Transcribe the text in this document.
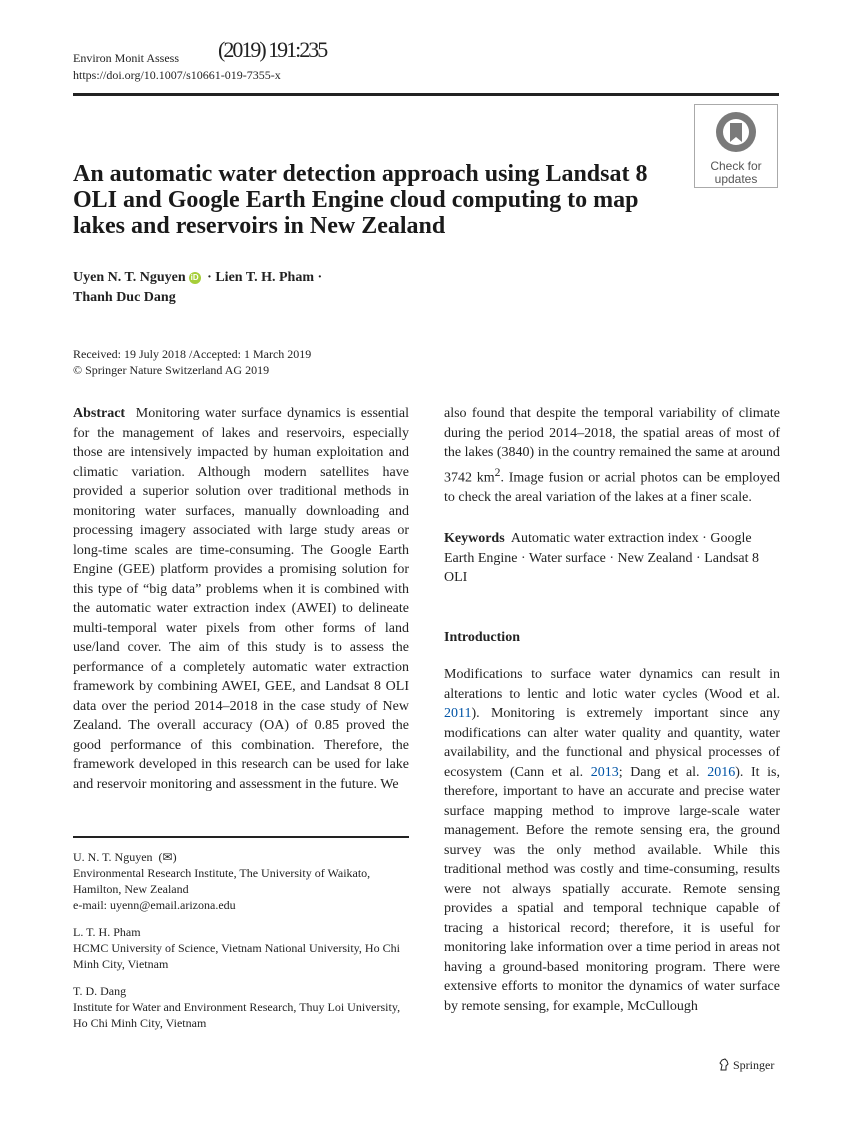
Environ Monit Assess
https://doi.org/10.1007/s10661-019-7355-x
(2019) 191:235
Check for
updates
An automatic water detection approach using Landsat 8 OLI and Google Earth Engine cloud computing to map lakes and reservoirs in New Zealand
Uyen N. T. Nguyen iD · Lien T. H. Pham ·
Thanh Duc Dang
Received: 19 July 2018 /Accepted: 1 March 2019
© Springer Nature Switzerland AG 2019

Abstract Monitoring water surface dynamics is essential for the management of lakes and reservoirs, especially those are intensively impacted by human exploitation and climatic variation. Although modern satellites have provided a superior solution over traditional methods in monitoring water surfaces, manually downloading and processing imagery associated with large study areas or long-time scales are time-consuming. The Google Earth Engine (GEE) platform provides a promising solution for this type of “big data” problems when it is combined with the automatic water extraction index (AWEI) to delineate multi-temporal water pixels from other forms of land use/land cover. The aim of this study is to assess the performance of a completely automatic water extraction framework by combining AWEI, GEE, and Landsat 8 OLI data over the period 2014–2018 in the case study of New Zealand. The overall accuracy (OA) of 0.85 proved the good performance of this combination. Therefore, the framework developed in this research can be used for lake and reservoir monitoring and assessment in the future. We

U. N. T. Nguyen (✉)
Environmental Research Institute, The University of Waikato, Hamilton, New Zealand
e-mail: uyenn@email.arizona.edu
L. T. H. Pham
HCMC University of Science, Vietnam National University, Ho Chi Minh City, Vietnam
T. D. Dang
Institute for Water and Environment Research, Thuy Loi University, Ho Chi Minh City, Vietnam

also found that despite the temporal variability of climate during the period 2014–2018, the spatial areas of most of the lakes (3840) in the country remained the same at around 3742 $km^2$. Image fusion or acrial photos can be employed to check the areal variation of the lakes at a finer scale.

Keywords Automatic water extraction index · Google Earth Engine · Water surface · New Zealand · Landsat 8 OLI

Introduction

Modifications to surface water dynamics can result in alterations to lentic and lotic water cycles (Wood et al. 2011). Monitoring is extremely important since any modifications can alter water quality and quantity, water availability, and the functional and physical processes of ecosystem (Cann et al. 2013; Dang et al. 2016). It is, therefore, important to have an accurate and precise water surface mapping method to improve large-scale water management. Before the remote sensing era, the ground survey was the only method available. While this traditional method was costly and time-consuming, results were not always spatially accurate. Remote sensing provides a spatial and temporal technique capable of tracing a historical record; therefore, it is useful for monitoring lake information over a time period in areas not having a ground-based monitoring program. There were extensive efforts to monitor the dynamics of water surface by remote sensing, for example, McCullough

Springer
